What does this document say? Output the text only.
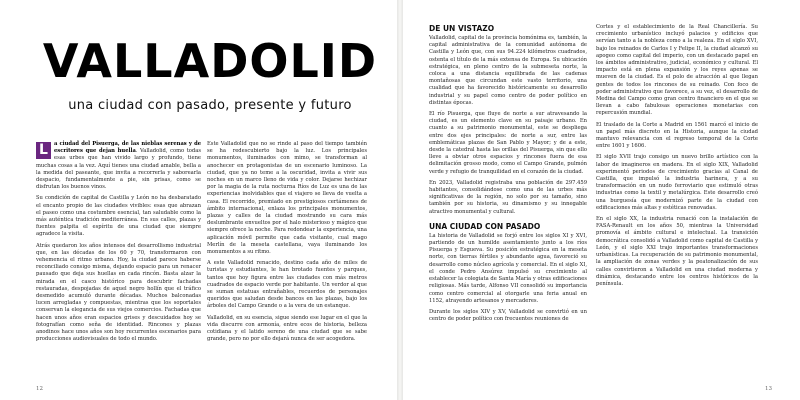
VALLADOLID
una ciudad con pasado, presente y futuro

L	a ciudad del Pisuerga, de las nieblas serenas y de escritores que dejan huella. Valladolid, como todas esas urbes que han vivido largo y profundo, tiene muchas cosas a la vez. Aquí tienes una ciudad amable, bella a la medida del paseante, que invita a recorrerla y saborearla despacio, fundamentalmente a pie, sin prisas, como se disfrutan los buenos vinos.

Su condición de capital de Castilla y León no ha desbaratado el encanto propio de las ciudades vivibles: esas que abrazan el paseo como una costumbre esencial, tan saludable como la más auténtica tradición mediterránea. En sus calles, plazas y fuentes palpita el espíritu de una ciudad que siempre agradece la visita.

Atrás quedaron los años intensos del desarrollismo industrial que, en las décadas de los 60 y 70, transformaron con vehemencia el ritmo urbano. Hoy, la ciudad parece haberse reconciliado consigo misma, dejando espacio para un renacer pausado que deja sus huellas en cada rincón. Basta alzar la mirada en el casco histórico para descubrir fachadas restauradas, despojadas de aquel negro hollín que el tráfico desmedido acumuló durante décadas. Muchos balconadas lucen arregladas y compuestas, mientras que los soportales conservan la elegancia de sus viejos comercios. Fachadas que hacen unos años eran espacios grises y descuidados hoy se fotografían como seña de identidad. Rincones y plazas anodinos hace unos años son hoy recurrentes escenarios para producciones audiovisuales de todo el mundo.

Este Valladolid que no se rinde al paso del tiempo también se ha redescubierto bajo la luz. Los principales monumentos, iluminados con mimo, se transforman al anochecer en protagonistas de un escenario luminoso. La ciudad, que ya no teme a la oscuridad, invita a vivir sus noches en un marco lleno de vida y color. Dejarse hechizar por la magia de la ruta nocturna Ríos de Luz es una de las experiencias inolvidables que el viajero se lleva de vuelta a casa. El recorrido, premiado en prestigiosos certámenes de ámbito internacional, enlaza los principales monumentos, plazas y calles de la ciudad mostrando su cara más deslumbrante envueltos por el halo misterioso y mágico que siempre ofrece la noche. Para redondear la experiencia, una aplicación móvil permite que cada visitante, cual mago Merlín de la meseta castellana, vaya iluminando los monumentos a su ritmo.

A este Valladolid renacido, destino cada año de miles de turistas y estudiantes, le han brotado fuentes y parques, tantos que hoy figura entre las ciudades con más metros cuadrados de espacio verde por habitante. Un verdor al que se suman estatuas entrañables, recuerdos de personajes queridos que saludan desde bancos en las plazas, bajo los árboles del Campo Grande o a la vera de un estanque.

Valladolid, en su esencia, sigue siendo ese lugar en el que la vida discurre con armonía, entre ecos de historia, belleza cotidiana y el latido sereno de una ciudad que se sabe grande, pero no por ello dejará nunca de ser acogedora.

12
DE UN VISTAZO

Valladolid, capital de la provincia homónima es, también, la capital administrativa de la comunidad autónoma de Castilla y León que, con sus 94.224 kilómetros cuadrados, ostenta el título de la más extensa de Europa. Su ubicación estratégica, en pleno centro de la submeseta norte, la coloca a una distancia equilibrada de las cadenas montañosas que circundan este vasto territorio, una cualidad que ha favorecido históricamente su desarrollo industrial y su papel como centro de poder político en distintas épocas.

El río Pisuerga, que fluye de norte a sur atravesando la ciudad, es un elemento clave en su paisaje urbano. En cuanto a su patrimonio monumental, este se despliega entre dos ejes principales: de norte a sur, entre las emblemáticas plazas de San Pablo y Mayor; y de a este, desde la catedral hasta las orillas del Pisuerga, sin que ello lleve a obviar otros espacios y rincones fuera de esa delimitación grosso modo, como el Campo Grande, pulmón verde y refugio de tranquilidad en el corazón de la ciudad.

En 2023, Valladolid registraba una población de 297.459 habitantes, consolidándose como una de las urbes más significativas de la región, no solo por su tamaño, sino también por su historia, su dinamismo y su innegable atractivo monumental y cultural.

UNA CIUDAD CON PASADO

La historia de Valladolid se forjó entre los siglos XI y XVI, partiendo de un humilde asentamiento junto a los ríos Pisuerga y Esgueva. Su posición estratégica en la meseta norte, con tierras fértiles y abundante agua, favoreció su desarrollo como núcleo agrícola y comercial. En el siglo XI, el conde Pedro Ansúrez impulsó su crecimiento al establecer la colegiata de Santa María y otras edificaciones religiosas. Más tarde, Alfonso VII consolidó su importancia como centro comercial al otorgarle una feria anual en 1152, atrayendo artesanos y mercaderes.

Durante los siglos XIV y XV, Valladolid se convirtió en un centro de poder político con frecuentes reuniones de

Cortes y el establecimiento de la Real Chancillería. Su crecimiento urbanístico incluyó palacios y edificios que servían tanto a la nobleza como a la realeza. En el siglo XVI, bajo los reinados de Carlos I y Felipe II, la ciudad alcanzó su apogeo como capital del imperio, con un destacado papel en los ámbitos administrativo, judicial, económico y cultural. El impacto está en plena expansión y los reyes apenas se mueven de la ciudad. Es el polo de atracción al que llegan gentes de todos los rincones de su reinado. Con foco de poder administrativo que favorece, a su vez, el desarrollo de Medina del Campo como gran centro financiero en el que se llevan a cabo fabulosas operaciones monetarias con repercusión mundial.

El traslado de la Corte a Madrid en 1561 marcó el inicio de un papel más discreto en la Historia, aunque la ciudad mantuvo relevancia con el regreso temporal de la Corte entre 1601 y 1606.

El siglo XVII trajo consigo un nuevo brillo artístico con la labor de imagineros en madera. En el siglo XIX, Valladolid experimentó periodos de crecimiento gracias al Canal de Castilla, que impulsó la industria harinera, y a su transformación en un nudo ferroviario que estimuló otras industrias como la textil y metalúrgica. Este desarrollo creó una burguesía que modernizó parte de la ciudad con edificaciones más altas y estéticas renovadas.

En el siglo XX, la industria renació con la instalación de FASA-Renault en los años 50, mientras la Universidad promovía el ámbito cultural e intelectual. La transición democrática consolidó a Valladolid como capital de Castilla y León, y el siglo XXI trajo importantes transformaciones urbanísticas. La recuperación de su patrimonio monumental, la ampliación de zonas verdes y la peatonalización de sus calles convirtieron a Valladolid en una ciudad moderna y dinámica, destacando entre los centros históricos de la península.

13
